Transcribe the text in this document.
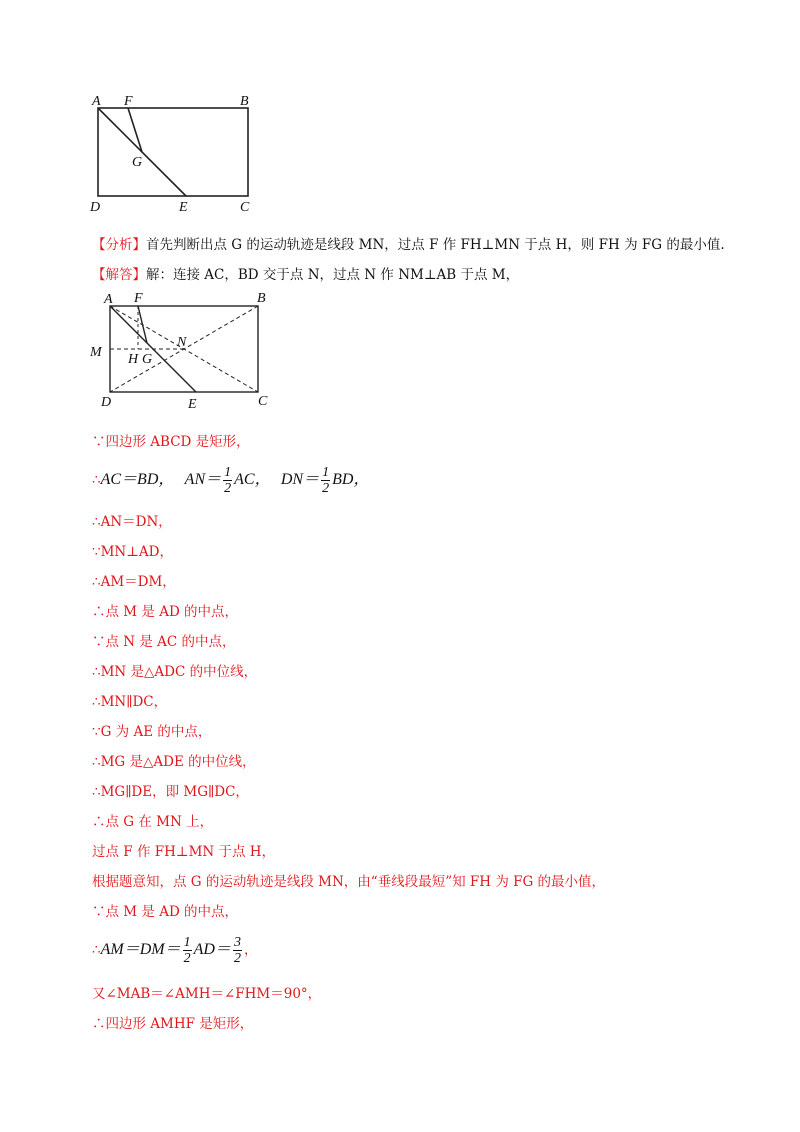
A F	B
G
D	E	C
【分析】首先判断出点 G 的运动轨迹是线段 MN，过点 F 作 FH⊥MN 于点 H，则 FH 为 FG 的最小值.
【解答】解：连接 AC，BD 交于点 N，过点 N 作 NM⊥AB 于点 M，
A F	B
M
N
H G
D	E	C
∵四边形 ABCD 是矩形，
∴AC＝BD， $AN= \frac{1}{2}$ AC， $DN= \frac{1}{2}$ BD，
∴AN＝DN，
∵MN⊥AD，
∴AM＝DM，
∴点 M 是 AD 的中点，
∵点 N 是 AC 的中点，
∴MN 是△ADC 的中位线，
∴MN∥DC，
∵G 为 AE 的中点，
∴MG 是△ADE 的中位线，
∴MG∥DE，即 MG∥DC，
∴点 G 在 MN 上，
过点 F 作 FH⊥MN 于点 H，
根据题意知，点 G 的运动轨迹是线段 MN，由“垂线段最短”知 FH 为 FG 的最小值，
∵点 M 是 AD 的中点，
∴AM＝DM＝ $\frac{1}{2} AD= \frac{3}{2}$ ，
又∠MAB＝∠AMH＝∠FHM＝90°，
∴四边形 AMHF 是矩形，
